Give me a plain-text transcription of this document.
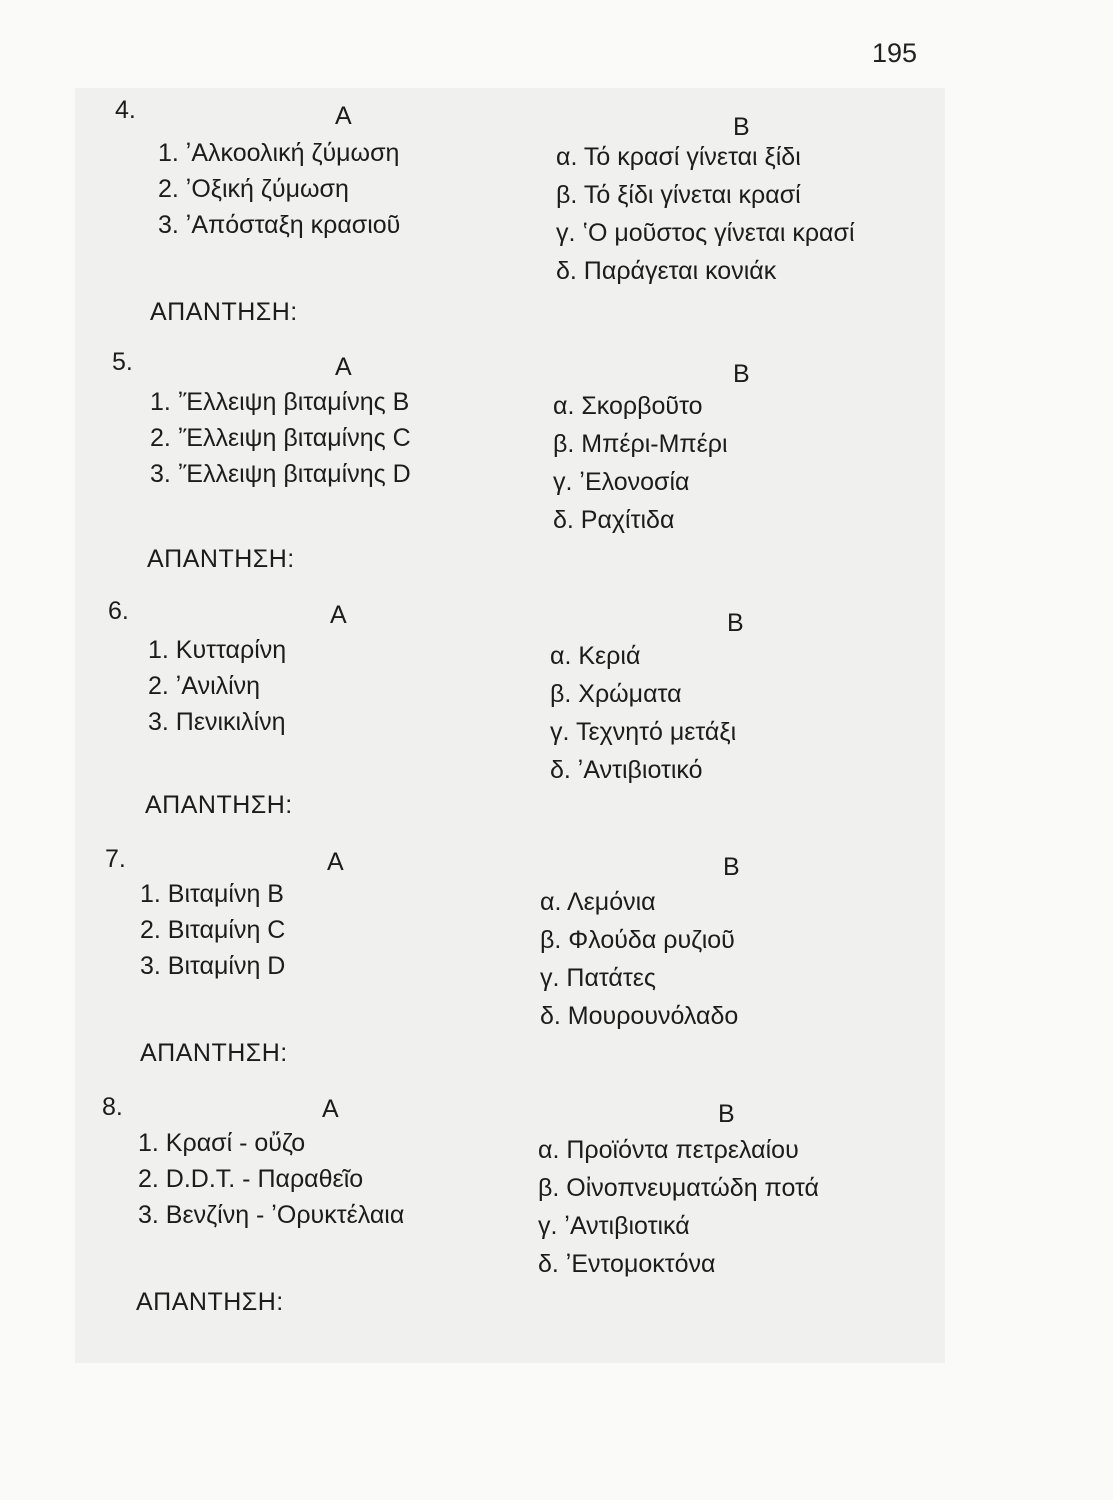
195
4.	Α	Β
1. ʼΑλκοολική ζύμωση
2. ʼΟξική ζύμωση
3. ʼΑπόσταξη κρασιοῦ
α. Τό κρασί γίνεται ξίδι
β. Τό ξίδι γίνεται κρασί
γ. ʽΟ μοῦστος γίνεται κρασί
δ. Παράγεται κονιάκ
ΑΠΑΝΤΗΣΗ:
5.	Α	Β
1. ʼΈλλειψη βιταμίνης Β
2. ʼΈλλειψη βιταμίνης C
3. ʼΈλλειψη βιταμίνης D
α. Σκορβοῦτο
β. Μπέρι-Μπέρι
γ. ʼΕλονοσία
δ. Ραχίτιδα
ΑΠΑΝΤΗΣΗ:
6.	Α	Β
1. Κυτταρίνη
2. ʼΑνιλίνη
3. Πενικιλίνη
α. Κεριά
β. Χρώματα
γ. Τεχνητό μετάξι
δ. ʼΑντιβιοτικό
ΑΠΑΝΤΗΣΗ:
7.	Α	Β
1. Βιταμίνη Β
2. Βιταμίνη C
3. Βιταμίνη D
α. Λεμόνια
β. Φλούδα ρυζιοῦ
γ. Πατάτες
δ. Μουρουνόλαδο
ΑΠΑΝΤΗΣΗ:
8.	Α	Β
1. Κρασί - οὔζο
2. D.D.T. - Παραθεῖο
3. Βενζίνη - ʼΟρυκτέλαια
α. Προϊόντα πετρελαίου
β. Οἰνοπνευματώδη ποτά
γ. ʼΑντιβιοτικά
δ. ʼΕντομοκτόνα
ΑΠΑΝΤΗΣΗ:
